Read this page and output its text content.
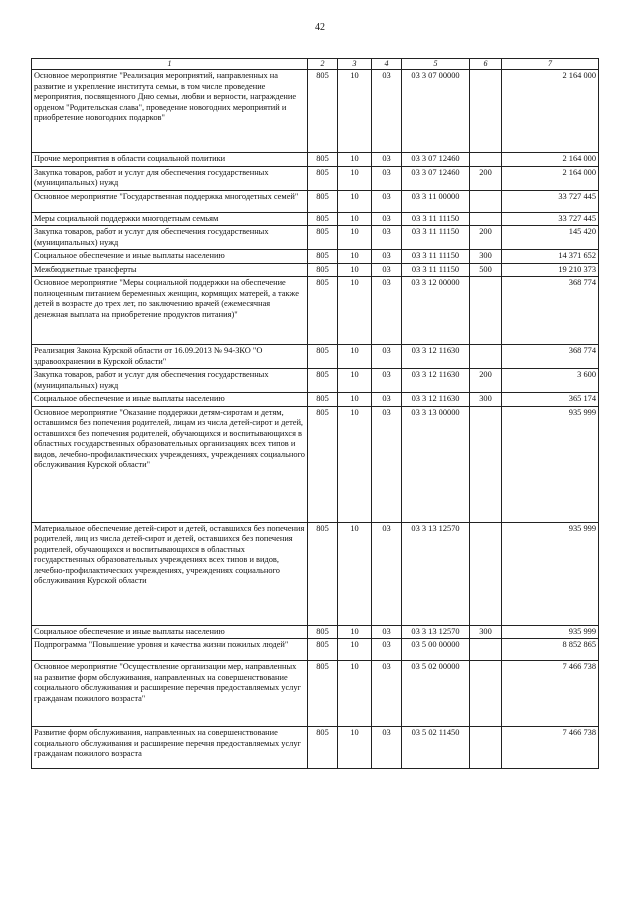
42
1	2	3	4	5	6	7
Основное мероприятие "Реализация мероприятий, направленных на развитие и укрепление института семьи, в том числе проведение мероприятия, посвященного Дню семьи, любви и верности, награждение орденом "Родительская слава", проведение новогодних мероприятий и приобретение новогодних подарков"	805	10	03	03 3 07 00000		2 164 000
Прочие мероприятия в области социальной политики	805	10	03	03 3 07 12460		2 164 000
Закупка товаров, работ и услуг для обеспечения государственных (муниципальных) нужд	805	10	03	03 3 07 12460	200	2 164 000
Основное мероприятие "Государственная поддержка многодетных семей"	805	10	03	03 3 11 00000		33 727 445
Меры социальной поддержки многодетным семьям	805	10	03	03 3 11 11150		33 727 445
Закупка товаров, работ и услуг для обеспечения государственных (муниципальных) нужд	805	10	03	03 3 11 11150	200	145 420
Социальное обеспечение и иные выплаты населению	805	10	03	03 3 11 11150	300	14 371 652
Межбюджетные трансферты	805	10	03	03 3 11 11150	500	19 210 373
Основное мероприятие "Меры социальной поддержки на обеспечение полноценным питанием беременных женщин, кормящих матерей, а также детей в возрасте до трех лет, по заключению врачей (ежемесячная денежная выплата на приобретение продуктов питания)"	805	10	03	03 3 12 00000		368 774
Реализация Закона Курской области от 16.09.2013 № 94-ЗКО "О здравоохранении в Курской области"	805	10	03	03 3 12 11630		368 774
Закупка товаров, работ и услуг для обеспечения государственных (муниципальных) нужд	805	10	03	03 3 12 11630	200	3 600
Социальное обеспечение и иные выплаты населению	805	10	03	03 3 12 11630	300	365 174
Основное мероприятие "Оказание поддержки детям-сиротам и детям, оставшимся без попечения родителей, лицам из числа детей-сирот и детей, оставшихся без попечения родителей, обучающихся и воспитывающихся в областных государственных образовательных организациях всех типов и видов, лечебно-профилактических учреждениях, учреждениях социального обслуживания Курской области"	805	10	03	03 3 13 00000		935 999
Материальное обеспечение детей-сирот и детей, оставшихся без попечения родителей, лиц из числа детей-сирот и детей, оставшихся без попечения родителей, обучающихся и воспитывающихся в областных государственных образовательных учреждениях всех типов и видов, лечебно-профилактических учреждениях, учреждениях социального обслуживания Курской области	805	10	03	03 3 13 12570		935 999
Социальное обеспечение и иные выплаты населению	805	10	03	03 3 13 12570	300	935 999
Подпрограмма "Повышение уровня и качества жизни пожилых людей"	805	10	03	03 5 00 00000		8 852 865
Основное мероприятие "Осуществление организации мер, направленных на развитие форм обслуживания, направленных на совершенствование социального обслуживания и расширение перечня предоставляемых услуг гражданам пожилого возраста"	805	10	03	03 5 02 00000		7 466 738
Развитие форм обслуживания, направленных на совершенствование социального обслуживания и расширение перечня предоставляемых услуг гражданам пожилого возраста	805	10	03	03 5 02 11450		7 466 738
